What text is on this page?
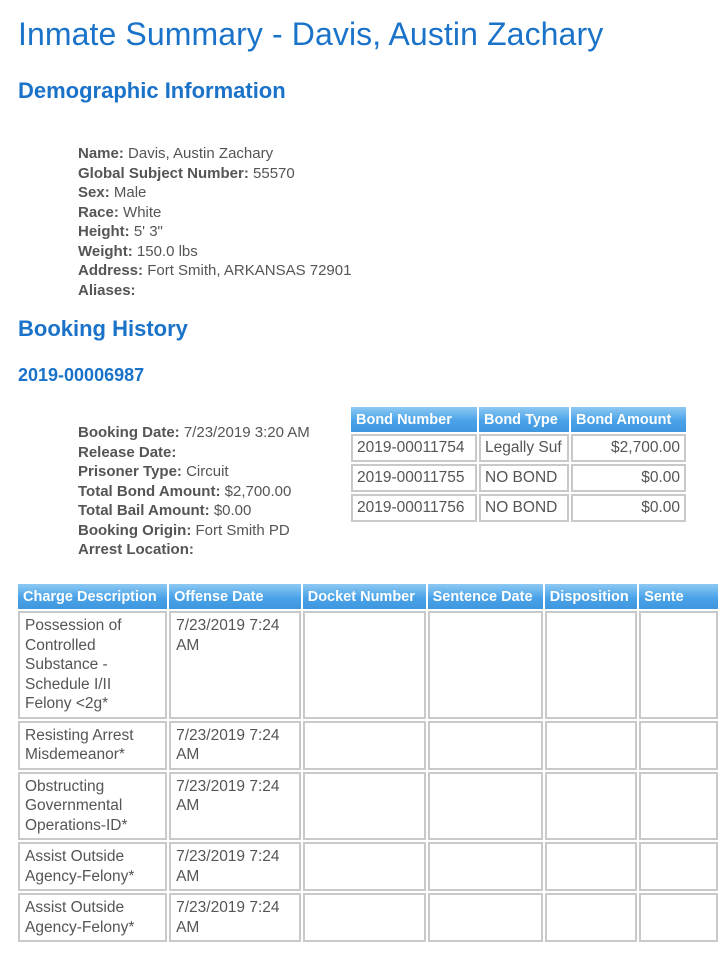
Inmate Summary - Davis, Austin Zachary
Demographic Information
Name: Davis, Austin Zachary
Global Subject Number: 55570
Sex: Male
Race: White
Height: 5' 3"
Weight: 150.0 lbs
Address: Fort Smith, ARKANSAS 72901
Aliases:
Booking History
2019-00006987
Booking Date: 7/23/2019 3:20 AM
Release Date:
Prisoner Type: Circuit
Total Bond Amount: $2,700.00
Total Bail Amount: $0.00
Booking Origin: Fort Smith PD
Arrest Location:
Bond Number	Bond Type	Bond Amount
2019-00011754	Legally Suf	$2,700.00
2019-00011755	NO BOND	$0.00
2019-00011756	NO BOND	$0.00
Charge Description	Offense Date	Docket Number	Sentence Date	Disposition	Sente
Possession of Controlled Substance - Schedule I/II Felony <2g*	7/23/2019 7:24 AM				
Resisting Arrest Misdemeanor*	7/23/2019 7:24 AM				
Obstructing Governmental Operations-ID*	7/23/2019 7:24 AM				
Assist Outside Agency-Felony*	7/23/2019 7:24 AM				
Assist Outside Agency-Felony*	7/23/2019 7:24 AM				
